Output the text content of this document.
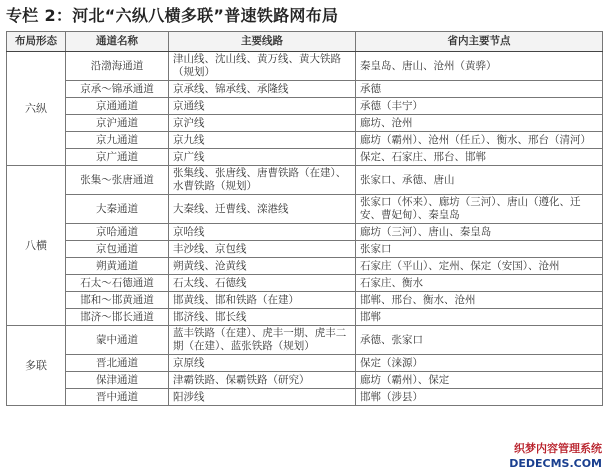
专栏 2：河北“六纵八横多联”普速铁路网布局
布局形态	通道名称	主要线路	省内主要节点
六纵	沿渤海通道	津山线、沈山线、黄万线、黄大铁路（规划）	秦皇岛、唐山、沧州（黄骅）
	京承～锦承通道	京承线、锦承线、承隆线	承德
	京通通道	京通线	承德（丰宁）
	京沪通道	京沪线	廊坊、沧州
	京九通道	京九线	廊坊（霸州）、沧州（任丘）、衡水、邢台（清河）
	京广通道	京广线	保定、石家庄、邢台、邯郸
八横	张集～张唐通道	张集线、张唐线、唐曹铁路（在建）、水曹铁路（规划）	张家口、承德、唐山
	大秦通道	大秦线、迁曹线、滦港线	张家口（怀来）、廊坊（三河）、唐山（遵化、迁安、曹妃甸）、秦皇岛
	京哈通道	京哈线	廊坊（三河）、唐山、秦皇岛
	京包通道	丰沙线、京包线	张家口
	朔黄通道	朔黄线、沧黄线	石家庄（平山）、定州、保定（安国）、沧州
	石太～石德通道	石太线、石德线	石家庄、衡水
	邯和～邯黄通道	邯黄线、邯和铁路（在建）	邯郸、邢台、衡水、沧州
	邯济～邯长通道	邯济线、邯长线	邯郸
多联	蒙中通道	蓝丰铁路（在建）、虎丰一期、虎丰二期（在建）、蓝张铁路（规划）	承德、张家口
	晋北通道	京原线	保定（涞源）
	保津通道	津霸铁路、保霸铁路（研究）	廊坊（霸州）、保定
	晋中通道	阳涉线	邯郸（涉县）
织梦内容管理系统
DEDECMS.COM
